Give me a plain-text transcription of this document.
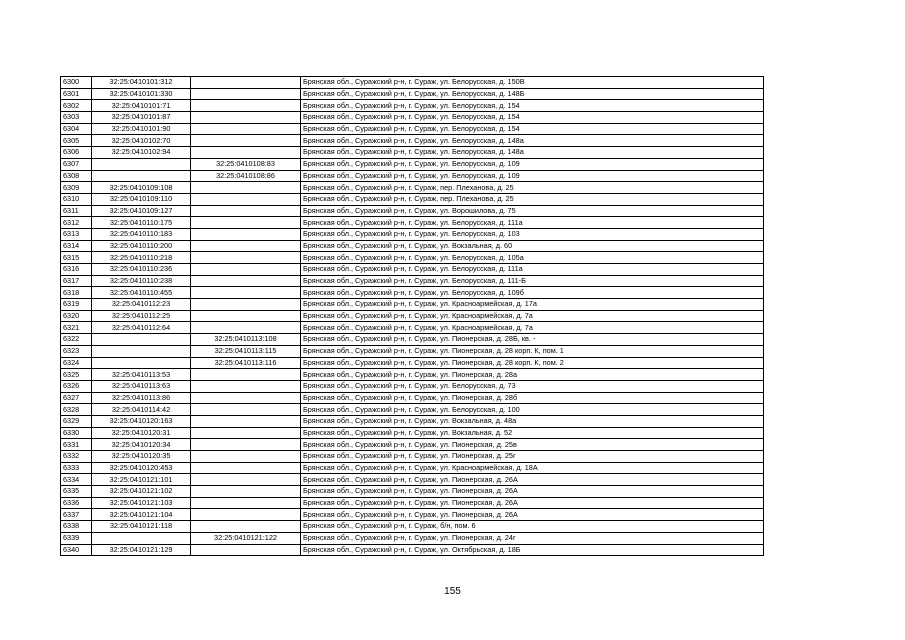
6300	32:25:0410101:312		Брянская обл., Суражский р-н, г. Сураж, ул. Белорусская, д. 150В
6301	32:25:0410101:330		Брянская обл., Суражский р-н, г. Сураж, ул. Белорусская, д. 148Б
6302	32:25:0410101:71		Брянская обл., Суражский р-н, г. Сураж, ул. Белорусская, д. 154
6303	32:25:0410101:87		Брянская обл., Суражский р-н, г. Сураж, ул. Белорусская, д. 154
6304	32:25:0410101:90		Брянская обл., Суражский р-н, г. Сураж, ул. Белорусская, д. 154
6305	32:25:0410102:70		Брянская обл., Суражский р-н, г. Сураж, ул. Белорусская, д. 148а
6306	32:25:0410102:94		Брянская обл., Суражский р-н, г. Сураж, ул. Белорусская, д. 148а
6307		32:25:0410108:83	Брянская обл., Суражский р-н, г. Сураж, ул. Белорусская, д. 109
6308		32:25:0410108:86	Брянская обл., Суражский р-н, г. Сураж, ул. Белорусская, д. 109
6309	32:25:0410109:108		Брянская обл., Суражский р-н, г. Сураж, пер. Плеханова, д. 25
6310	32:25:0410109:110		Брянская обл., Суражский р-н, г. Сураж, пер. Плеханова, д. 25
6311	32:25:0410109:127		Брянская обл., Суражский р-н, г. Сураж, ул. Ворошилова, д. 75
6312	32:25:0410110:175		Брянская обл., Суражский р-н, г. Сураж, ул. Белорусская, д. 111а
6313	32:25:0410110:183		Брянская обл., Суражский р-н, г. Сураж, ул. Белорусская, д. 103
6314	32:25:0410110:200		Брянская обл., Суражский р-н, г. Сураж, ул. Вокзальная, д. 60
6315	32:25:0410110:218		Брянская обл., Суражский р-н, г. Сураж, ул. Белорусская, д. 105а
6316	32:25:0410110:236		Брянская обл., Суражский р-н, г. Сураж, ул. Белорусская, д. 111а
6317	32:25:0410110:238		Брянская обл., Суражский р-н, г. Сураж, ул. Белорусская, д. 111-Б
6318	32:25:0410110:455		Брянская обл., Суражский р-н, г. Сураж, ул. Белорусская, д. 109б
6319	32:25:0410112:23		Брянская обл., Суражский р-н, г. Сураж, ул. Красноармейская, д. 17а
6320	32:25:0410112:25		Брянская обл., Суражский р-н, г. Сураж, ул. Красноармейская, д. 7а
6321	32:25:0410112:64		Брянская обл., Суражский р-н, г. Сураж, ул. Красноармейская, д. 7а
6322		32:25:0410113:108	Брянская обл., Суражский р-н, г. Сураж, ул. Пионерская, д. 28Б, кв. -
6323		32:25:0410113:115	Брянская обл., Суражский р-н, г. Сураж, ул. Пионерская, д. 28 корп. К, пом. 1
6324		32:25:0410113:116	Брянская обл., Суражский р-н, г. Сураж, ул. Пионерская, д. 28 корп. К, пом. 2
6325	32:25:0410113:53		Брянская обл., Суражский р-н, г. Сураж, ул. Пионерская, д. 28а
6326	32:25:0410113:63		Брянская обл., Суражский р-н, г. Сураж, ул. Белорусская, д. 73
6327	32:25:0410113:86		Брянская обл., Суражский р-н, г. Сураж, ул. Пионерская, д. 28б
6328	32:25:0410114:42		Брянская обл., Суражский р-н, г. Сураж, ул. Белорусская, д. 100
6329	32:25:0410120:163		Брянская обл., Суражский р-н, г. Сураж, ул. Вокзальная, д. 48а
6330	32:25:0410120:31		Брянская обл., Суражский р-н, г. Сураж, ул. Вокзальная, д. 52
6331	32:25:0410120:34		Брянская обл., Суражский р-н, г. Сураж, ул. Пионерская, д. 25в
6332	32:25:0410120:35		Брянская обл., Суражский р-н, г. Сураж, ул. Пионерская, д. 25г
6333	32:25:0410120:453		Брянская обл., Суражский р-н, г. Сураж, ул. Красноармейская, д. 18А
6334	32:25:0410121:101		Брянская обл., Суражский р-н, г. Сураж, ул. Пионерская, д. 26А
6335	32:25:0410121:102		Брянская обл., Суражский р-н, г. Сураж, ул. Пионерская, д. 26А
6336	32:25:0410121:103		Брянская обл., Суражский р-н, г. Сураж, ул. Пионерская, д. 26А
6337	32:25:0410121:104		Брянская обл., Суражский р-н, г. Сураж, ул. Пионерская, д. 26А
6338	32:25:0410121:118		Брянская обл., Суражский р-н, г. Сураж, б/н, пом. 6
6339		32:25:0410121:122	Брянская обл., Суражский р-н, г. Сураж, ул. Пионерская, д. 24г
6340	32:25:0410121:129		Брянская обл., Суражский р-н, г. Сураж, ул. Октябрьская, д. 18Б
155
